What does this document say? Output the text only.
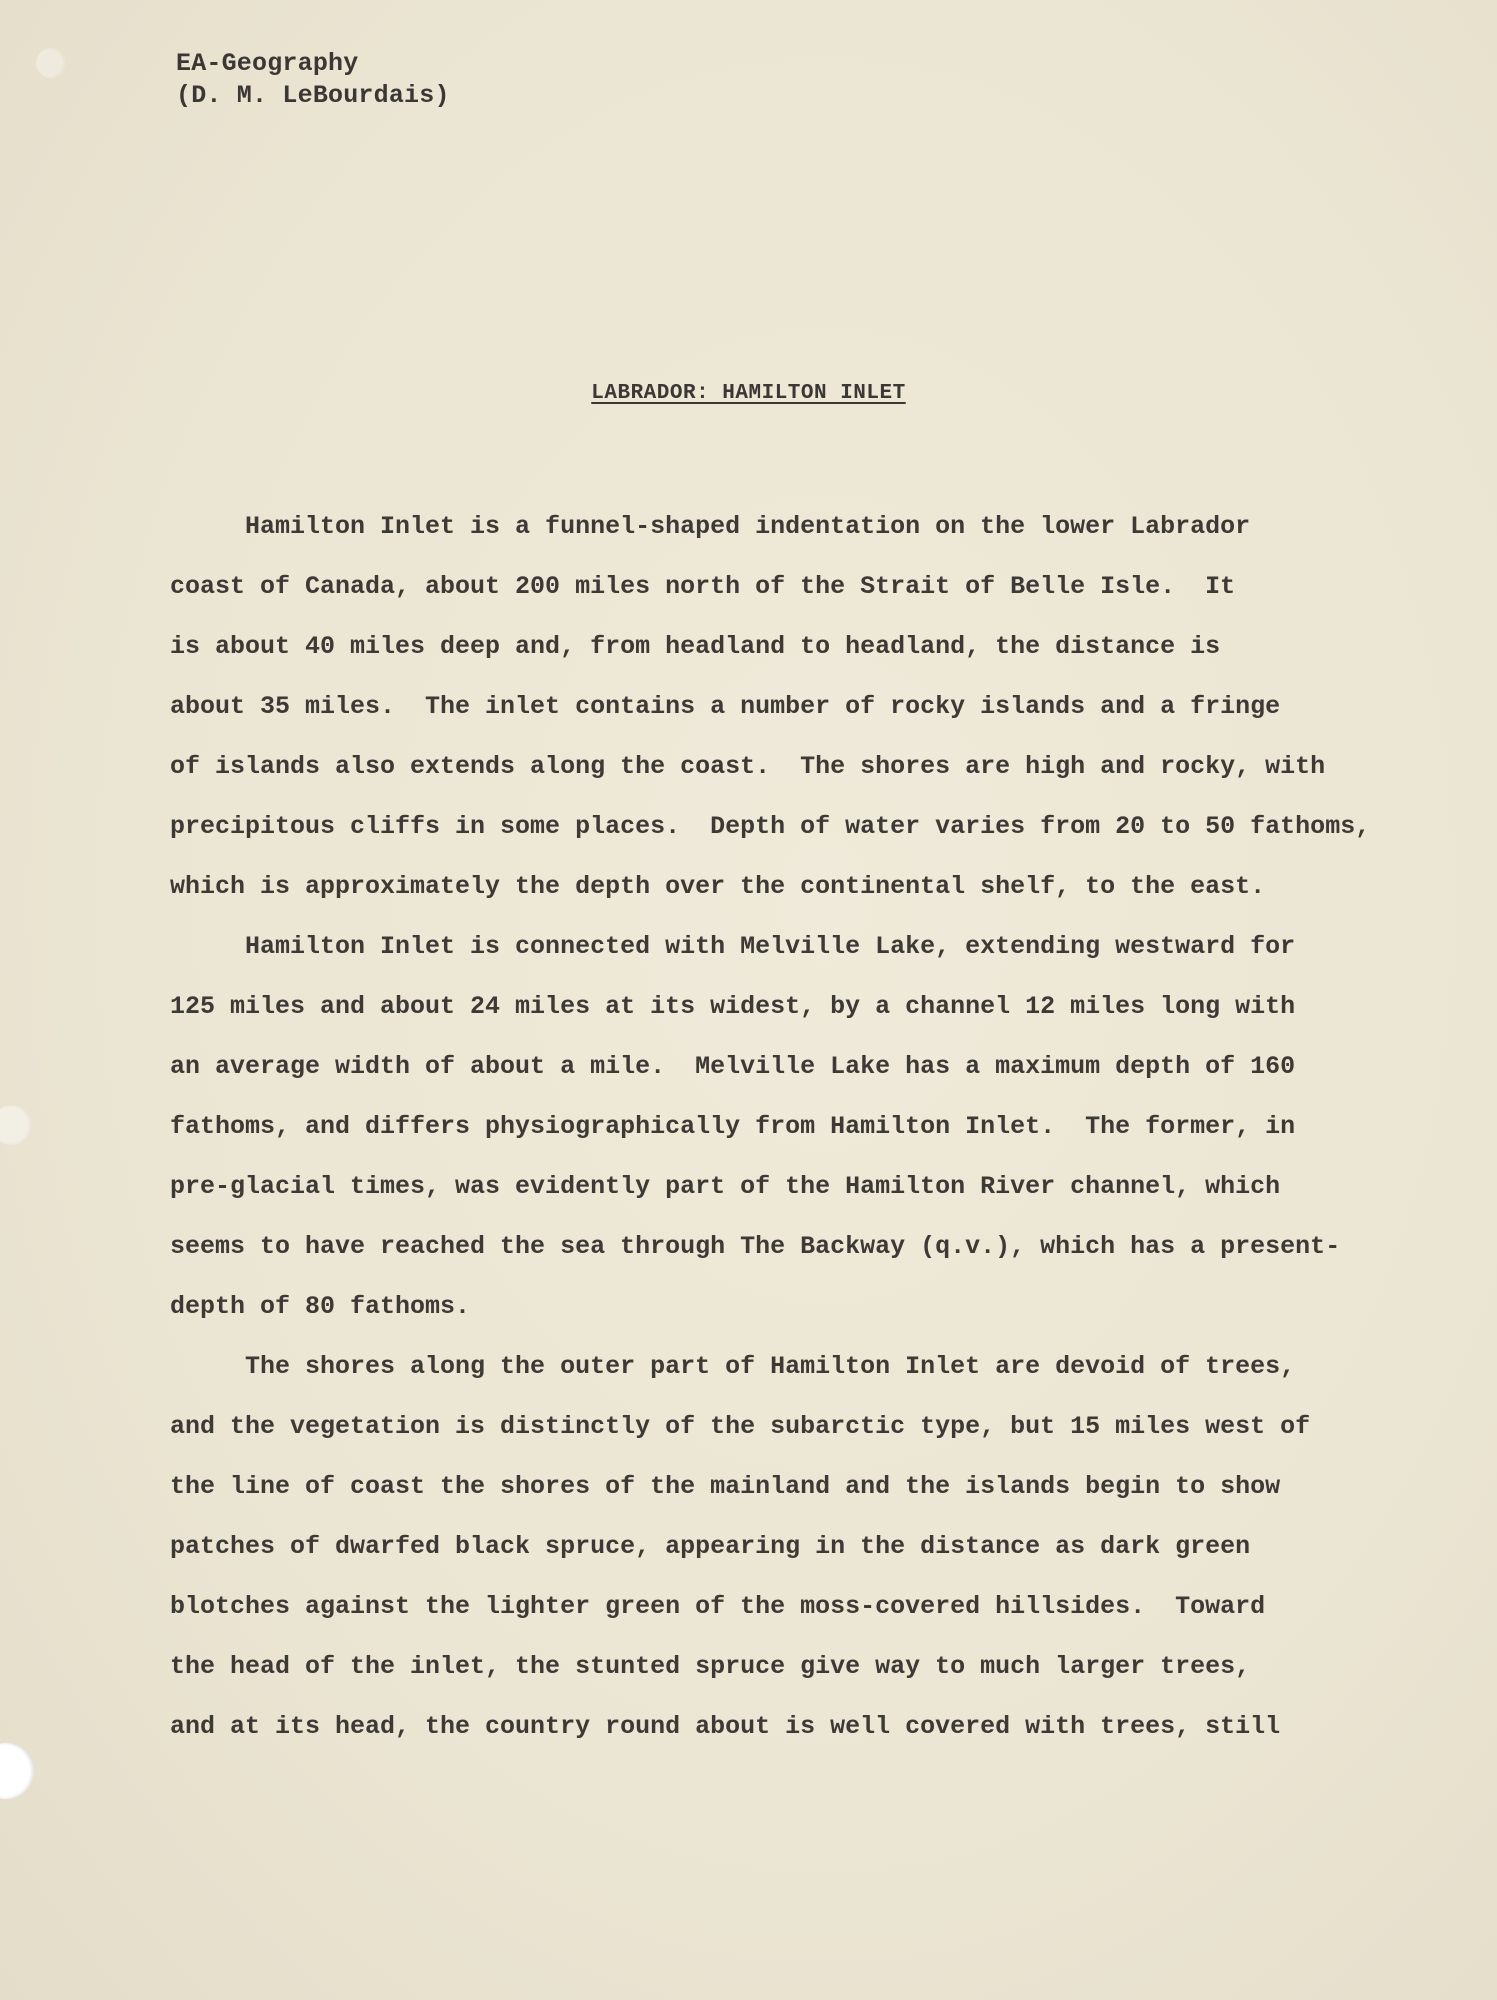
EA-Geography
(D. M. LeBourdais)
LABRADOR: HAMILTON INLET
Hamilton Inlet is a funnel-shaped indentation on the lower Labrador
coast of Canada, about 200 miles north of the Strait of Belle Isle.  It
is about 40 miles deep and, from headland to headland, the distance is
about 35 miles.  The inlet contains a number of rocky islands and a fringe
of islands also extends along the coast.  The shores are high and rocky, with
precipitous cliffs in some places.  Depth of water varies from 20 to 50 fathoms,
which is approximately the depth over the continental shelf, to the east.
Hamilton Inlet is connected with Melville Lake, extending westward for
125 miles and about 24 miles at its widest, by a channel 12 miles long with
an average width of about a mile.  Melville Lake has a maximum depth of 160
fathoms, and differs physiographically from Hamilton Inlet.  The former, in
pre-glacial times, was evidently part of the Hamilton River channel, which
seems to have reached the sea through The Backway (q.v.), which has a present-
depth of 80 fathoms.
The shores along the outer part of Hamilton Inlet are devoid of trees,
and the vegetation is distinctly of the subarctic type, but 15 miles west of
the line of coast the shores of the mainland and the islands begin to show
patches of dwarfed black spruce, appearing in the distance as dark green
blotches against the lighter green of the moss-covered hillsides.  Toward
the head of the inlet, the stunted spruce give way to much larger trees,
and at its head, the country round about is well covered with trees, still
